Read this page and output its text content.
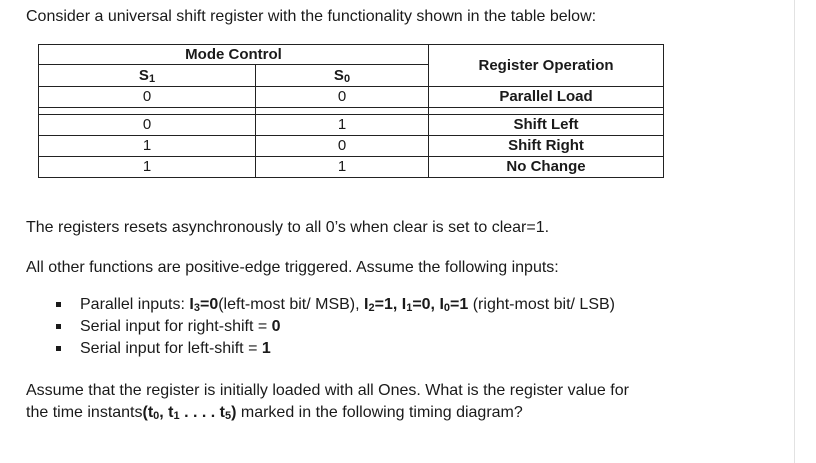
Consider a universal shift register with the functionality shown in the table below:
Mode Control		Register Operation
$S_1$	$S_0$
0	0	Parallel Load

0	1	Shift Left
1	0	Shift Right
1	1	No Change
The registers resets asynchronously to all 0’s when clear is set to clear=1.
All other functions are positive-edge triggered. Assume the following inputs:
Parallel inputs: $I_3=0(left$-most bit/ MSB), $I_2=1$, $I_1=0$, $I_0=1$ (right-most bit/ LSB)
Serial input for right-shift = 0
Serial input for left-shift = 1
Assume that the register is initially loaded with all Ones. What is the register value for
the time $instants(t_0$, $t_1$ . . . . $t_5$) marked in the following timing diagram?
